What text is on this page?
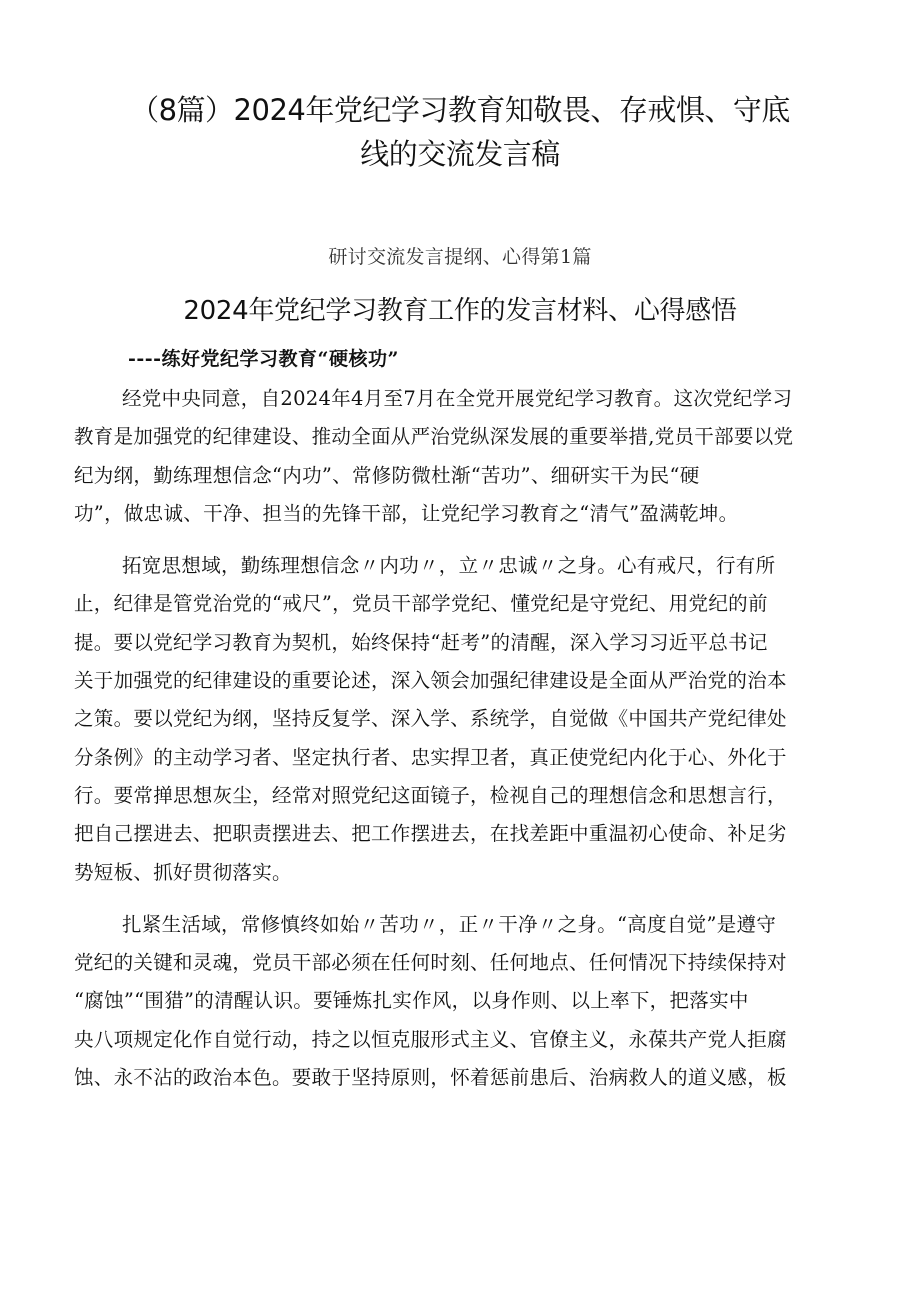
（8篇）2024年党纪学习教育知敬畏、存戒惧、守底
线的交流发言稿
研讨交流发言提纲、心得第1篇
2024年党纪学习教育工作的发言材料、心得感悟
----练好党纪学习教育“硬核功”

经党中央同意，自2024年4月至7月在全党开展党纪学习教育。这次党纪学习
教育是加强党的纪律建设、推动全面从严治党纵深发展的重要举措,党员干部要以党
纪为纲，勤练理想信念“内功”、常修防微杜渐“苦功”、细研实干为民“硬
功”，做忠诚、干净、担当的先锋干部，让党纪学习教育之“清气”盈满乾坤。

拓宽思想域，勤练理想信念〃内功〃，立〃忠诚〃之身。心有戒尺，行有所
止，纪律是管党治党的“戒尺”，党员干部学党纪、懂党纪是守党纪、用党纪的前
提。要以党纪学习教育为契机，始终保持“赶考”的清醒，深入学习习近平总书记
关于加强党的纪律建设的重要论述，深入领会加强纪律建设是全面从严治党的治本
之策。要以党纪为纲，坚持反复学、深入学、系统学，自觉做《中国共产党纪律处
分条例》的主动学习者、坚定执行者、忠实捍卫者，真正使党纪内化于心、外化于
行。要常掸思想灰尘，经常对照党纪这面镜子，检视自己的理想信念和思想言行，
把自己摆进去、把职责摆进去、把工作摆进去，在找差距中重温初心使命、补足劣
势短板、抓好贯彻落实。

扎紧生活域，常修慎终如始〃苦功〃，正〃干净〃之身。“高度自觉”是遵守
党纪的关键和灵魂，党员干部必须在任何时刻、任何地点、任何情况下持续保持对
“腐蚀”“围猎”的清醒认识。要锤炼扎实作风，以身作则、以上率下，把落实中
央八项规定化作自觉行动，持之以恒克服形式主义、官僚主义，永葆共产党人拒腐
蚀、永不沾的政治本色。要敢于坚持原则，怀着惩前患后、治病救人的道义感，板
